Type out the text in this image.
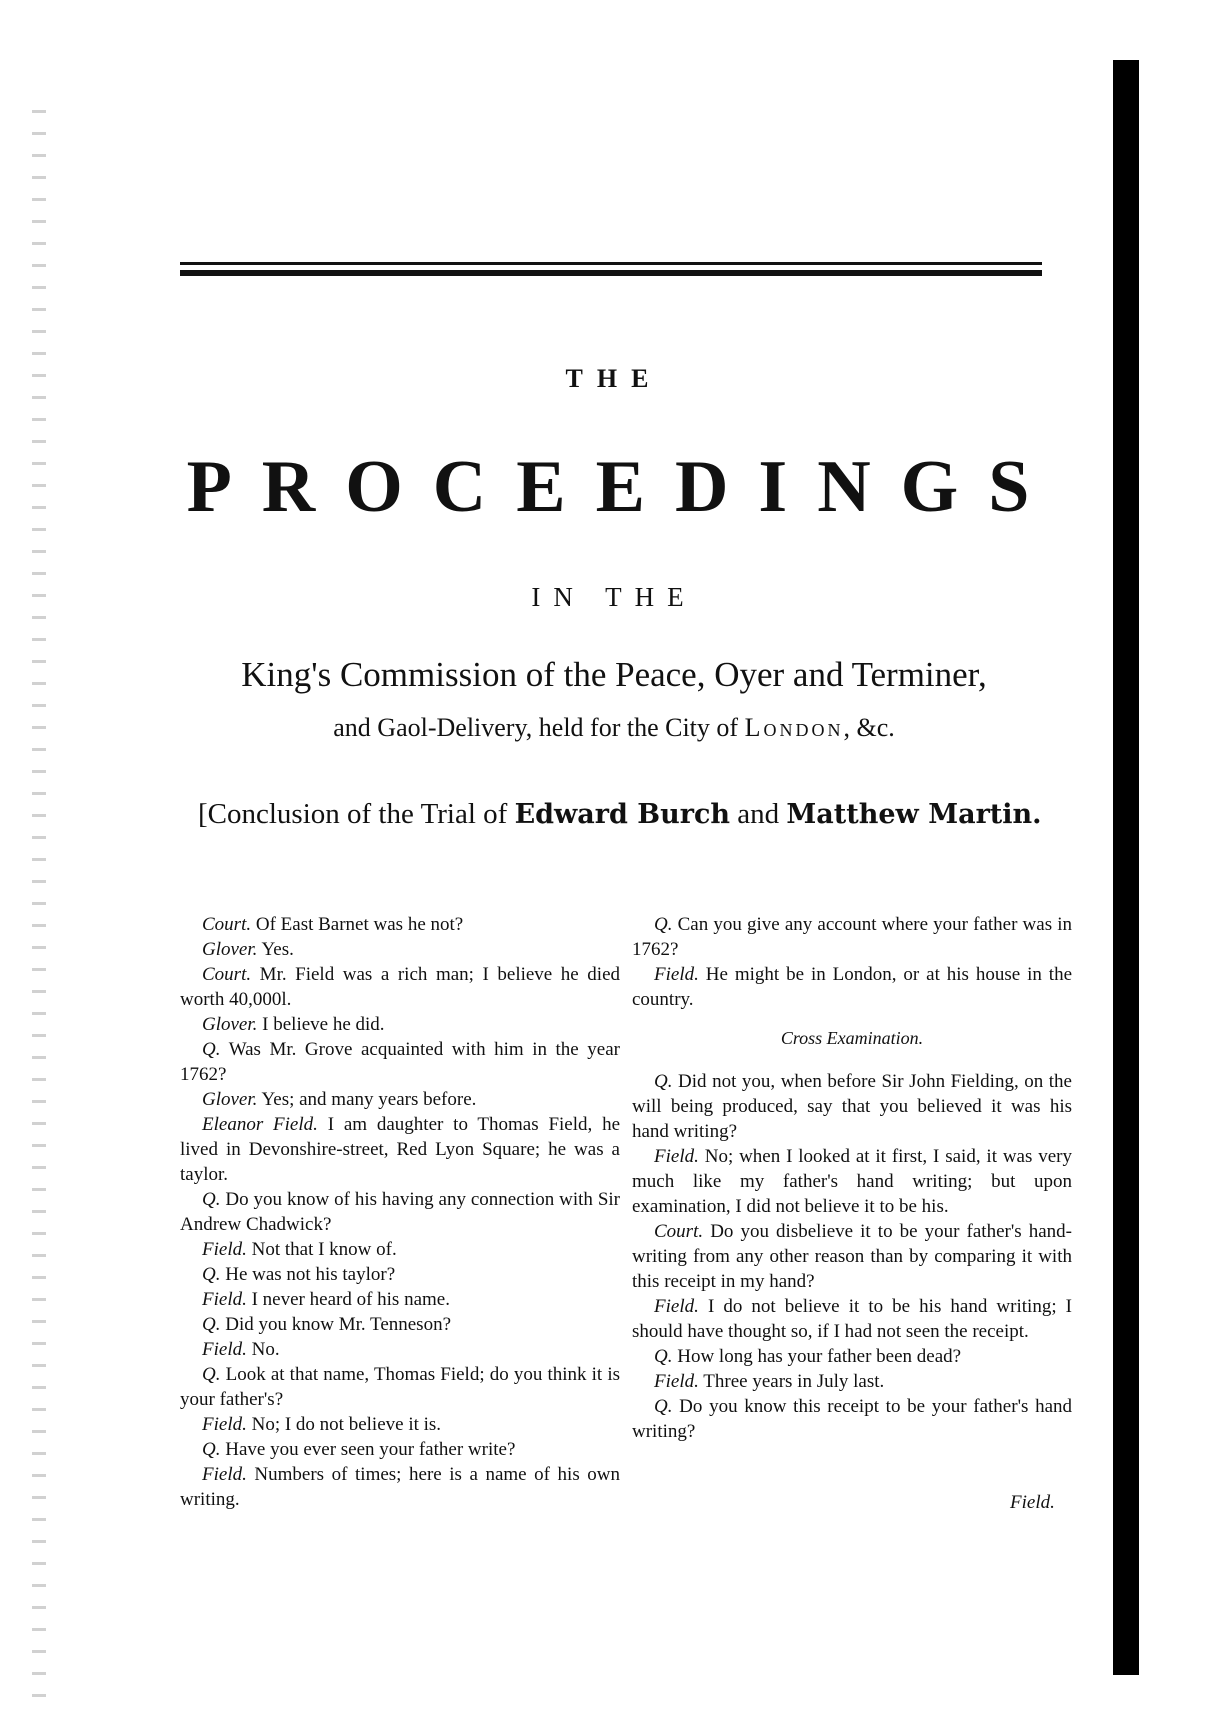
THE
PROCEEDINGS
IN THE
King's Commission of the Peace, Oyer and Terminer,
and Gaol-Delivery, held for the City of London, &c.
[Conclusion of the Trial of Edward Burch and Matthew Martin.

Court. Of East Barnet was he not?

Glover. Yes.

Court. Mr. Field was a rich man; I believe he died worth 40,000l.

Glover. I believe he did.

Q. Was Mr. Grove acquainted with him in the year 1762?

Glover. Yes; and many years before.

Eleanor Field. I am daughter to Thomas Field, he lived in Devonshire-street, Red Lyon Square; he was a taylor.

Q. Do you know of his having any connection with Sir Andrew Chadwick?

Field. Not that I know of.

Q. He was not his taylor?

Field. I never heard of his name.

Q. Did you know Mr. Tenneson?

Field. No.

Q. Look at that name, Thomas Field; do you think it is your father's?

Field. No; I do not believe it is.

Q. Have you ever seen your father write?

Field. Numbers of times; here is a name of his own writing.

Q. Can you give any account where your father was in 1762?

Field. He might be in London, or at his house in the country.

Cross Examination.

Q. Did not you, when before Sir John Fielding, on the will being produced, say that you believed it was his hand writing?

Field. No; when I looked at it first, I said, it was very much like my father's hand writing; but upon examination, I did not believe it to be his.

Court. Do you disbelieve it to be your father's hand-writing from any other reason than by comparing it with this receipt in my hand?

Field. I do not believe it to be his hand writing; I should have thought so, if I had not seen the receipt.

Q. How long has your father been dead?

Field. Three years in July last.

Q. Do you know this receipt to be your father's hand writing?

Field.
